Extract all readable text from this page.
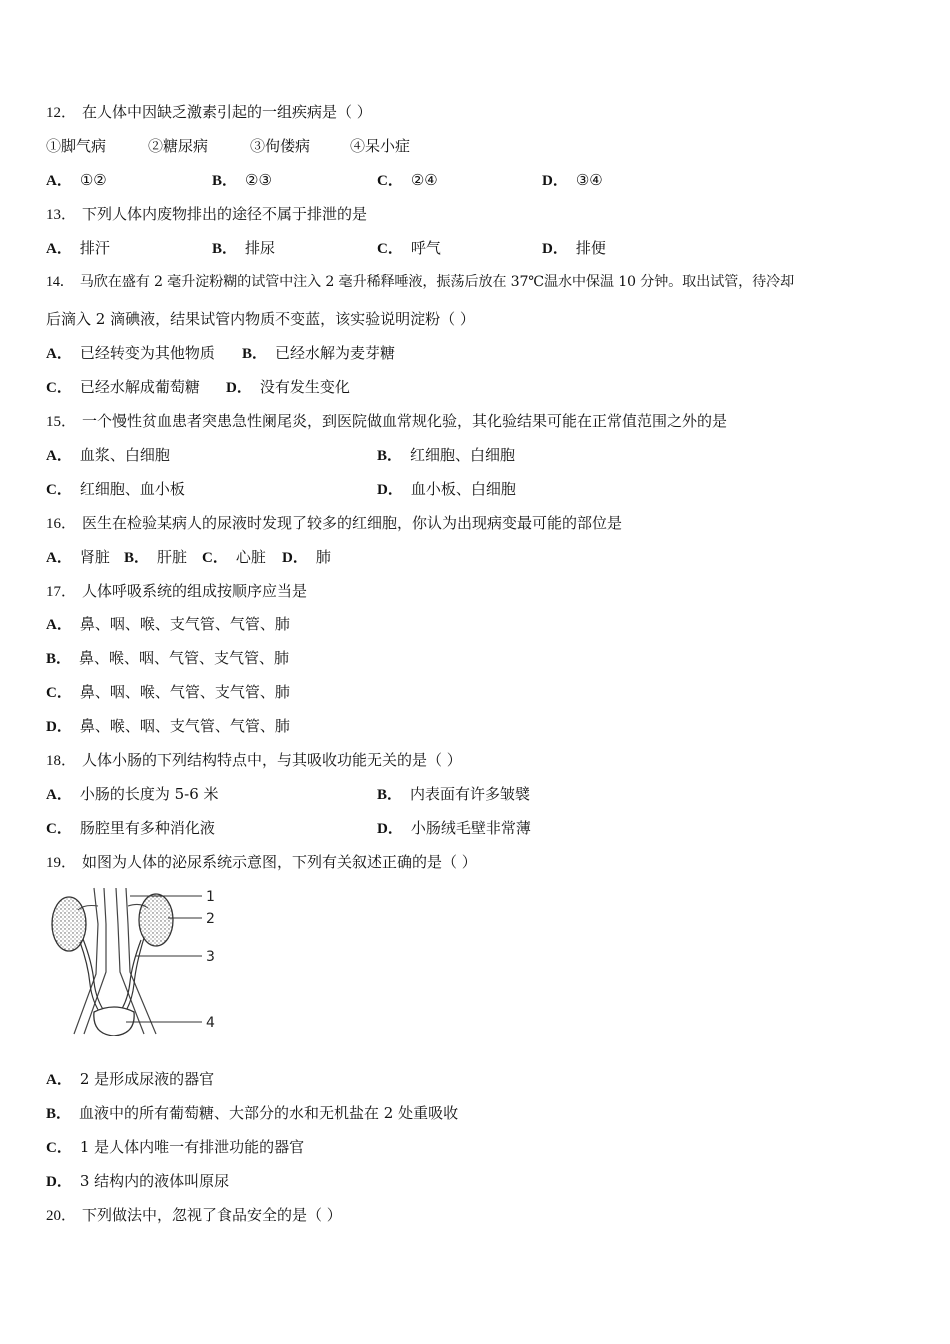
12． 在人体中因缺乏激素引起的一组疾病是（ ）
①脚气病	②糖尿病	③佝偻病	④呆小症
A． ①②	B． ②③	C． ②④	D． ③④
13． 下列人体内废物排出的途径不属于排泄的是
A． 排汗	B． 排尿	C． 呼气	D． 排便
14． 马欣在盛有 2 毫升淀粉糊的试管中注入 2 毫升稀释唾液，振荡后放在 37℃温水中保温 10 分钟。取出试管，待冷却
后滴入 2 滴碘液，结果试管内物质不变蓝，该实验说明淀粉（ ）
A． 已经转变为其他物质 B． 已经水解为麦芽糖
C． 已经水解成葡萄糖 D． 没有发生变化
15． 一个慢性贫血患者突患急性阑尾炎，到医院做血常规化验，其化验结果可能在正常值范围之外的是
A． 血浆、白细胞	B． 红细胞、白细胞
C． 红细胞、血小板	D． 血小板、白细胞
16． 医生在检验某病人的尿液时发现了较多的红细胞，你认为出现病变最可能的部位是
A． 肾脏 B． 肝脏 C． 心脏 D． 肺
17． 人体呼吸系统的组成按顺序应当是
A． 鼻、咽、喉、支气管、气管、肺
B． 鼻、喉、咽、气管、支气管、肺
C． 鼻、咽、喉、气管、支气管、肺
D． 鼻、喉、咽、支气管、气管、肺
18． 人体小肠的下列结构特点中，与其吸收功能无关的是（ ）
A． 小肠的长度为 5-6 米	B． 内表面有许多皱襞
C． 肠腔里有多种消化液	D． 小肠绒毛壁非常薄
19． 如图为人体的泌尿系统示意图，下列有关叙述正确的是（ ）
1
2
3
4
A． 2 是形成尿液的器官
B． 血液中的所有葡萄糖、大部分的水和无机盐在 2 处重吸收
C． 1 是人体内唯一有排泄功能的器官
D． 3 结构内的液体叫原尿
20． 下列做法中，忽视了食品安全的是（ ）
